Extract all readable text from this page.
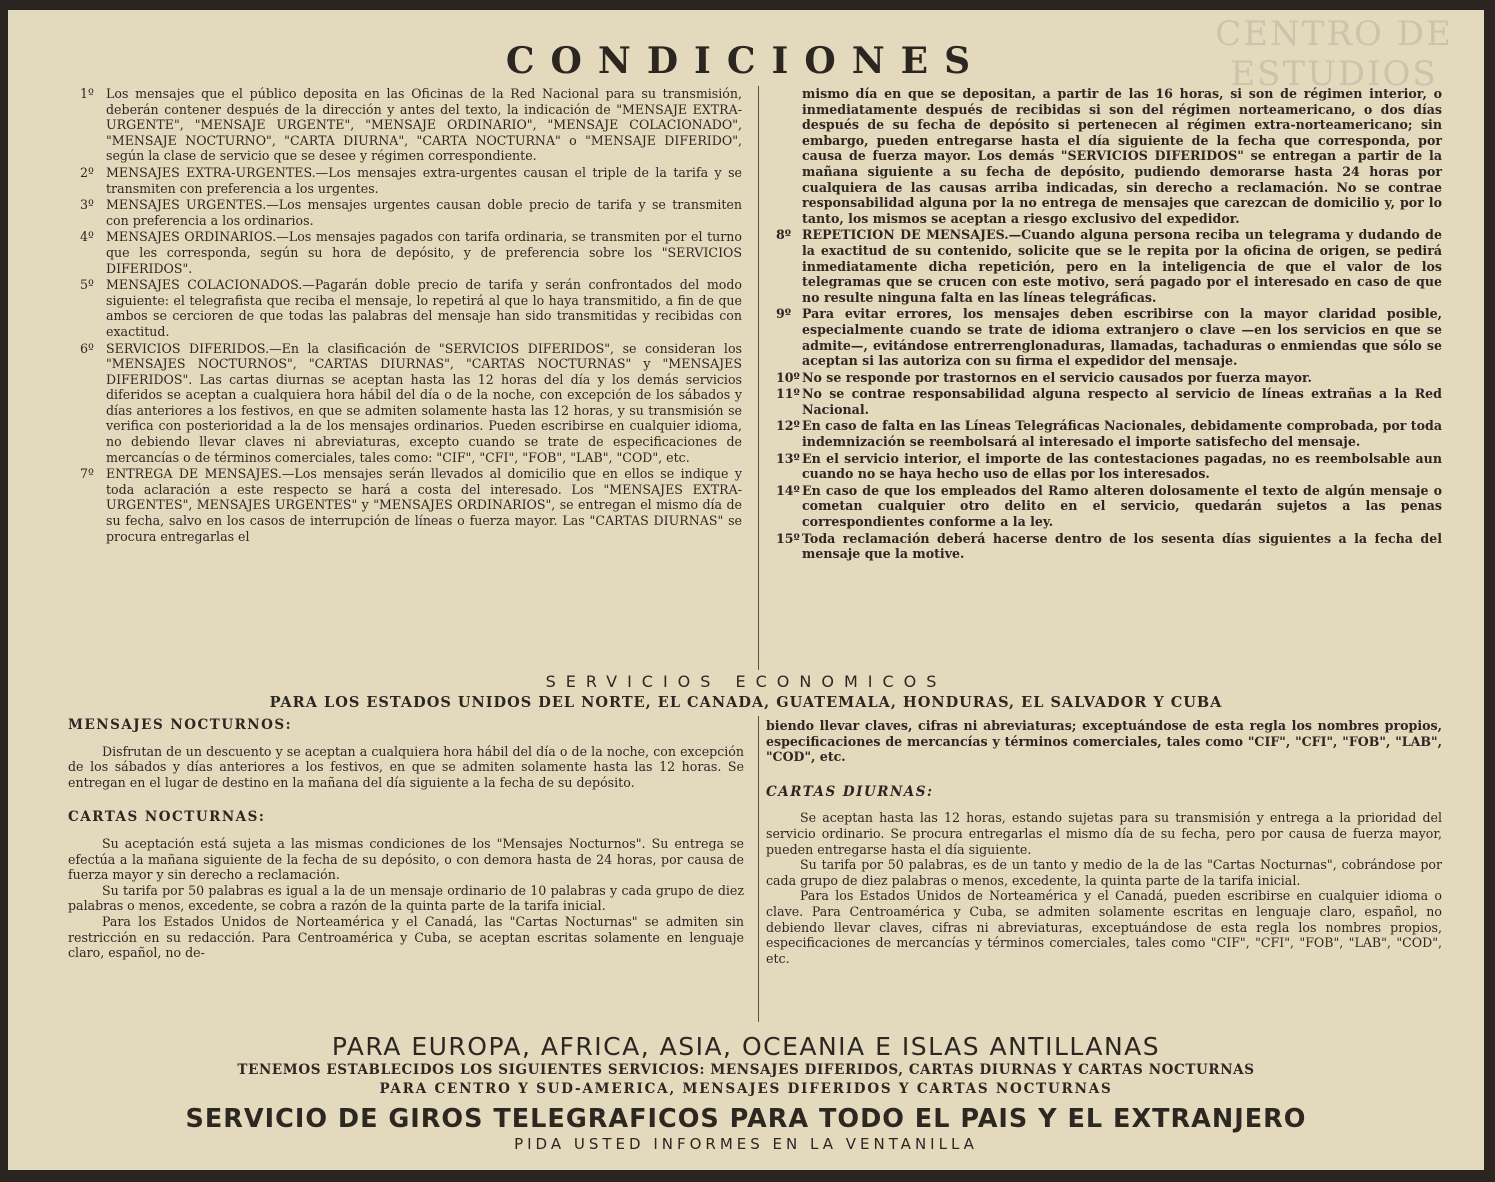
CENTRO DE ESTUDIOS
CONDICIONES

1º Los mensajes que el público deposita en las Oficinas de la Red Nacional para su transmisión, deberán contener después de la dirección y antes del texto, la indicación de "MENSAJE EXTRA-URGENTE", "MENSAJE URGENTE", "MENSAJE ORDINARIO", "MENSAJE COLACIONADO", "MENSAJE NOCTURNO", "CARTA DIURNA", "CARTA NOCTURNA" o "MENSAJE DIFERIDO", según la clase de servicio que se desee y régimen correspondiente.

2º MENSAJES EXTRA-URGENTES.—Los mensajes extra-urgentes causan el triple de la tarifa y se transmiten con preferencia a los urgentes.

3º MENSAJES URGENTES.—Los mensajes urgentes causan doble precio de tarifa y se transmiten con preferencia a los ordinarios.

4º MENSAJES ORDINARIOS.—Los mensajes pagados con tarifa ordinaria, se transmiten por el turno que les corresponda, según su hora de depósito, y de preferencia sobre los "SERVICIOS DIFERIDOS".

5º MENSAJES COLACIONADOS.—Pagarán doble precio de tarifa y serán confrontados del modo siguiente: el telegrafista que reciba el mensaje, lo repetirá al que lo haya transmitido, a fin de que ambos se cercioren de que todas las palabras del mensaje han sido transmitidas y recibidas con exactitud.

6º SERVICIOS DIFERIDOS.—En la clasificación de "SERVICIOS DIFERIDOS", se consideran los "MENSAJES NOCTURNOS", "CARTAS DIURNAS", "CARTAS NOCTURNAS" y "MENSAJES DIFERIDOS". Las cartas diurnas se aceptan hasta las 12 horas del día y los demás servicios diferidos se aceptan a cualquiera hora hábil del día o de la noche, con excepción de los sábados y días anteriores a los festivos, en que se admiten solamente hasta las 12 horas, y su transmisión se verifica con posterioridad a la de los mensajes ordinarios. Pueden escribirse en cualquier idioma, no debiendo llevar claves ni abreviaturas, excepto cuando se trate de especificaciones de mercancías o de términos comerciales, tales como: "CIF", "CFI", "FOB", "LAB", "COD", etc.

7º ENTREGA DE MENSAJES.—Los mensajes serán llevados al domicilio que en ellos se indique y toda aclaración a este respecto se hará a costa del interesado. Los "MENSAJES EXTRA-URGENTES", MENSAJES URGENTES" y "MENSAJES ORDINARIOS", se entregan el mismo día de su fecha, salvo en los casos de interrupción de líneas o fuerza mayor. Las "CARTAS DIURNAS" se procura entregarlas el

mismo día en que se depositan, a partir de las 16 horas, si son de régimen interior, o inmediatamente después de recibidas si son del régimen norteamericano, o dos días después de su fecha de depósito si pertenecen al régimen extra-norteamericano; sin embargo, pueden entregarse hasta el día siguiente de la fecha que corresponda, por causa de fuerza mayor. Los demás "SERVICIOS DIFERIDOS" se entregan a partir de la mañana siguiente a su fecha de depósito, pudiendo demorarse hasta 24 horas por cualquiera de las causas arriba indicadas, sin derecho a reclamación. No se contrae responsabilidad alguna por la no entrega de mensajes que carezcan de domicilio y, por lo tanto, los mismos se aceptan a riesgo exclusivo del expedidor.

8º REPETICION DE MENSAJES.—Cuando alguna persona reciba un telegrama y dudando de la exactitud de su contenido, solicite que se le repita por la oficina de origen, se pedirá inmediatamente dicha repetición, pero en la inteligencia de que el valor de los telegramas que se crucen con este motivo, será pagado por el interesado en caso de que no resulte ninguna falta en las líneas telegráficas.

9º Para evitar errores, los mensajes deben escribirse con la mayor claridad posible, especialmente cuando se trate de idioma extranjero o clave —en los servicios en que se admite—, evitándose entrerrenglonaduras, llamadas, tachaduras o enmiendas que sólo se aceptan si las autoriza con su firma el expedidor del mensaje.

10º No se responde por trastornos en el servicio causados por fuerza mayor.

11º No se contrae responsabilidad alguna respecto al servicio de líneas extrañas a la Red Nacional.

12º En caso de falta en las Líneas Telegráficas Nacionales, debidamente comprobada, por toda indemnización se reembolsará al interesado el importe satisfecho del mensaje.

13º En el servicio interior, el importe de las contestaciones pagadas, no es reembolsable aun cuando no se haya hecho uso de ellas por los interesados.

14º En caso de que los empleados del Ramo alteren dolosamente el texto de algún mensaje o cometan cualquier otro delito en el servicio, quedarán sujetos a las penas correspondientes conforme a la ley.

15º Toda reclamación deberá hacerse dentro de los sesenta días siguientes a la fecha del mensaje que la motive.

SERVICIOS ECONOMICOS
PARA LOS ESTADOS UNIDOS DEL NORTE, EL CANADA, GUATEMALA, HONDURAS, EL SALVADOR Y CUBA
MENSAJES NOCTURNOS:

Disfrutan de un descuento y se aceptan a cualquiera hora hábil del día o de la noche, con excepción de los sábados y días anteriores a los festivos, en que se admiten solamente hasta las 12 horas. Se entregan en el lugar de destino en la mañana del día siguiente a la fecha de su depósito.

CARTAS NOCTURNAS:

Su aceptación está sujeta a las mismas condiciones de los "Mensajes Nocturnos". Su entrega se efectúa a la mañana siguiente de la fecha de su depósito, o con demora hasta de 24 horas, por causa de fuerza mayor y sin derecho a reclamación.

Su tarifa por 50 palabras es igual a la de un mensaje ordinario de 10 palabras y cada grupo de diez palabras o menos, excedente, se cobra a razón de la quinta parte de la tarifa inicial.

Para los Estados Unidos de Norteamérica y el Canadá, las "Cartas Nocturnas" se admiten sin restricción en su redacción. Para Centroamérica y Cuba, se aceptan escritas solamente en lenguaje claro, español, no de-

biendo llevar claves, cifras ni abreviaturas; exceptuándose de esta regla los nombres propios, especificaciones de mercancías y términos comerciales, tales como "CIF", "CFI", "FOB", "LAB", "COD", etc.

CARTAS DIURNAS:

Se aceptan hasta las 12 horas, estando sujetas para su transmisión y entrega a la prioridad del servicio ordinario. Se procura entregarlas el mismo día de su fecha, pero por causa de fuerza mayor, pueden entregarse hasta el día siguiente.

Su tarifa por 50 palabras, es de un tanto y medio de la de las "Cartas Nocturnas", cobrándose por cada grupo de diez palabras o menos, excedente, la quinta parte de la tarifa inicial.

Para los Estados Unidos de Norteamérica y el Canadá, pueden escribirse en cualquier idioma o clave. Para Centroamérica y Cuba, se admiten solamente escritas en lenguaje claro, español, no debiendo llevar claves, cifras ni abreviaturas, exceptuándose de esta regla los nombres propios, especificaciones de mercancías y términos comerciales, tales como "CIF", "CFI", "FOB", "LAB", "COD", etc.

PARA EUROPA, AFRICA, ASIA, OCEANIA E ISLAS ANTILLANAS
TENEMOS ESTABLECIDOS LOS SIGUIENTES SERVICIOS: MENSAJES DIFERIDOS, CARTAS DIURNAS Y CARTAS NOCTURNAS
PARA CENTRO Y SUD-AMERICA, MENSAJES DIFERIDOS Y CARTAS NOCTURNAS
SERVICIO DE GIROS TELEGRAFICOS PARA TODO EL PAIS Y EL EXTRANJERO
PIDA USTED INFORMES EN LA VENTANILLA
